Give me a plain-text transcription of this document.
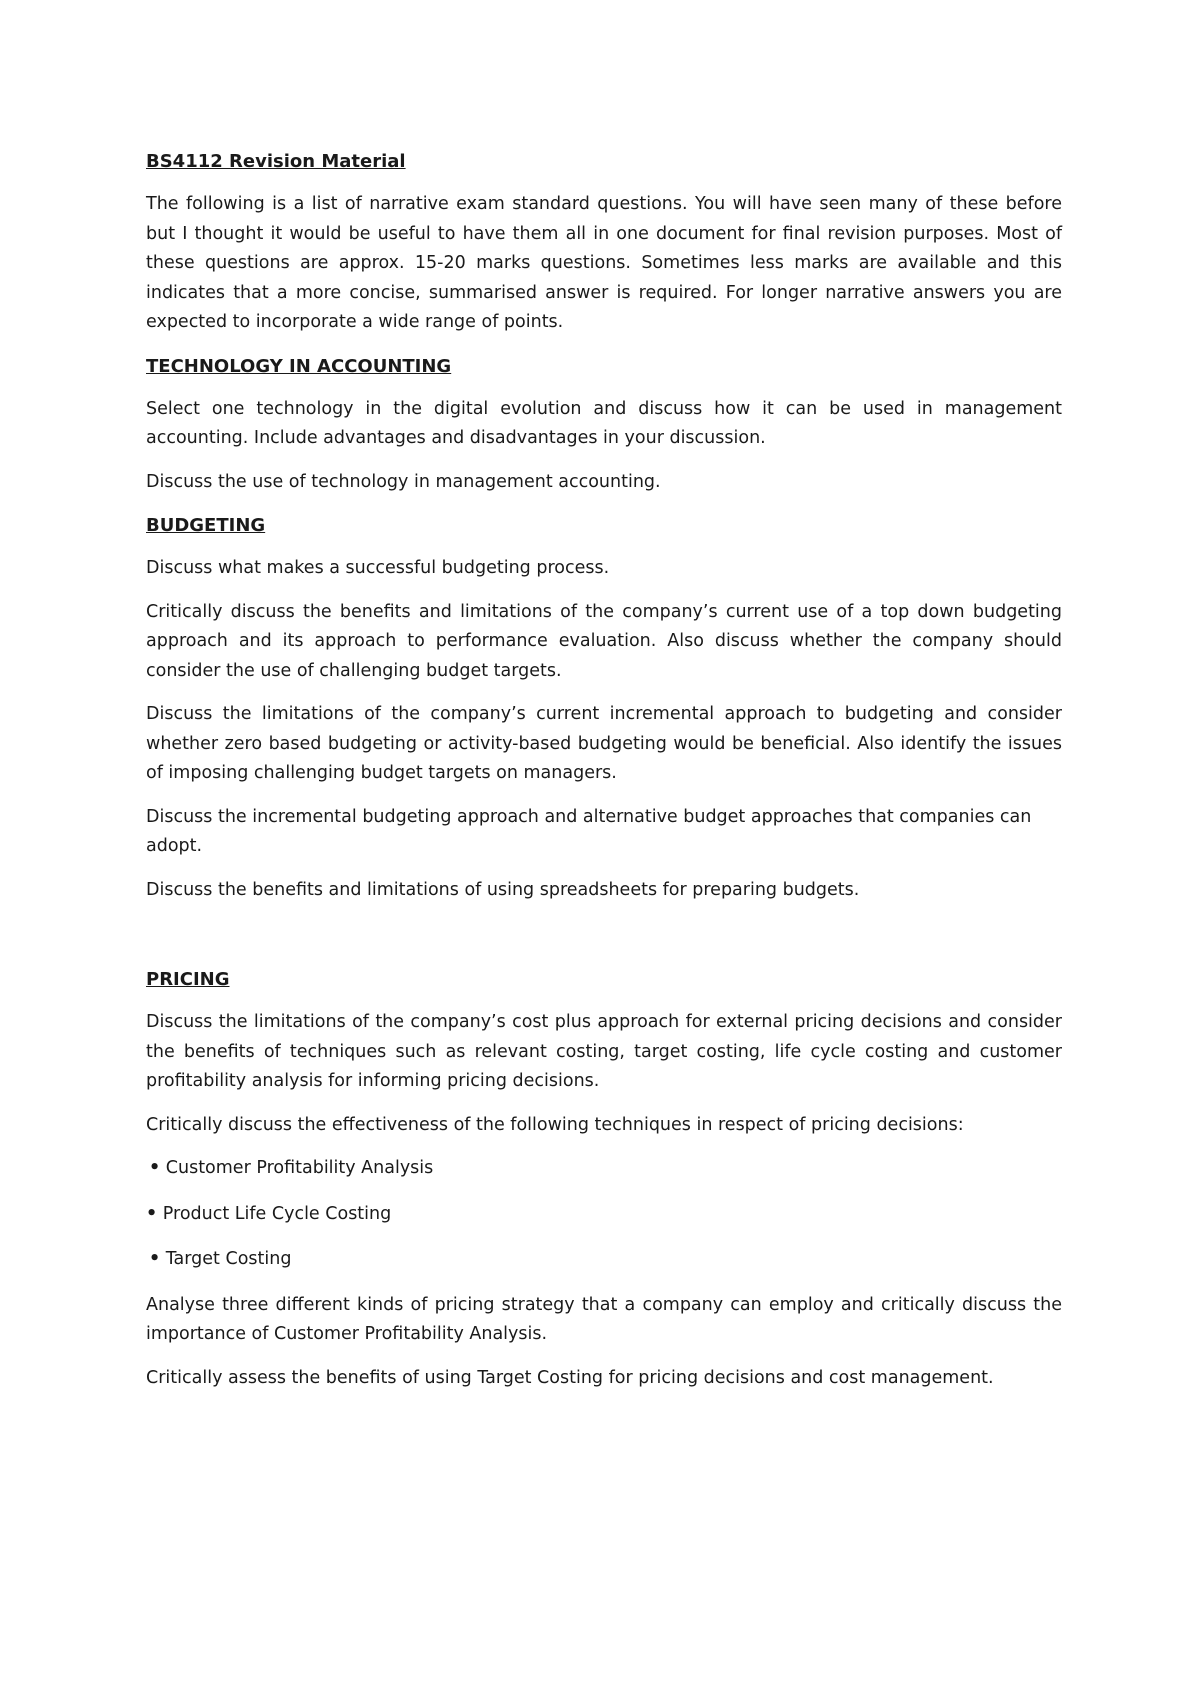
BS4112 Revision Material

The following is a list of narrative exam standard questions. You will have seen many of these before but I thought it would be useful to have them all in one document for final revision purposes. Most of these questions are approx. 15-20 marks questions. Sometimes less marks are available and this indicates that a more concise, summarised answer is required. For longer narrative answers you are expected to incorporate a wide range of points.

TECHNOLOGY IN ACCOUNTING

Select one technology in the digital evolution and discuss how it can be used in management accounting. Include advantages and disadvantages in your discussion.

Discuss the use of technology in management accounting.

BUDGETING

Discuss what makes a successful budgeting process.

Critically discuss the benefits and limitations of the company’s current use of a top down budgeting approach and its approach to performance evaluation. Also discuss whether the company should consider the use of challenging budget targets.

Discuss the limitations of the company’s current incremental approach to budgeting and consider whether zero based budgeting or activity-based budgeting would be beneficial. Also identify the issues of imposing challenging budget targets on managers.

Discuss the incremental budgeting approach and alternative budget approaches that companies can adopt.

Discuss the benefits and limitations of using spreadsheets for preparing budgets.

PRICING

Discuss the limitations of the company’s cost plus approach for external pricing decisions and consider the benefits of techniques such as relevant costing, target costing, life cycle costing and customer profitability analysis for informing pricing decisions.

Critically discuss the effectiveness of the following techniques in respect of pricing decisions:

• Customer Profitability Analysis
• Product Life Cycle Costing
• Target Costing

Analyse three different kinds of pricing strategy that a company can employ and critically discuss the importance of Customer Profitability Analysis.

Critically assess the benefits of using Target Costing for pricing decisions and cost management.
